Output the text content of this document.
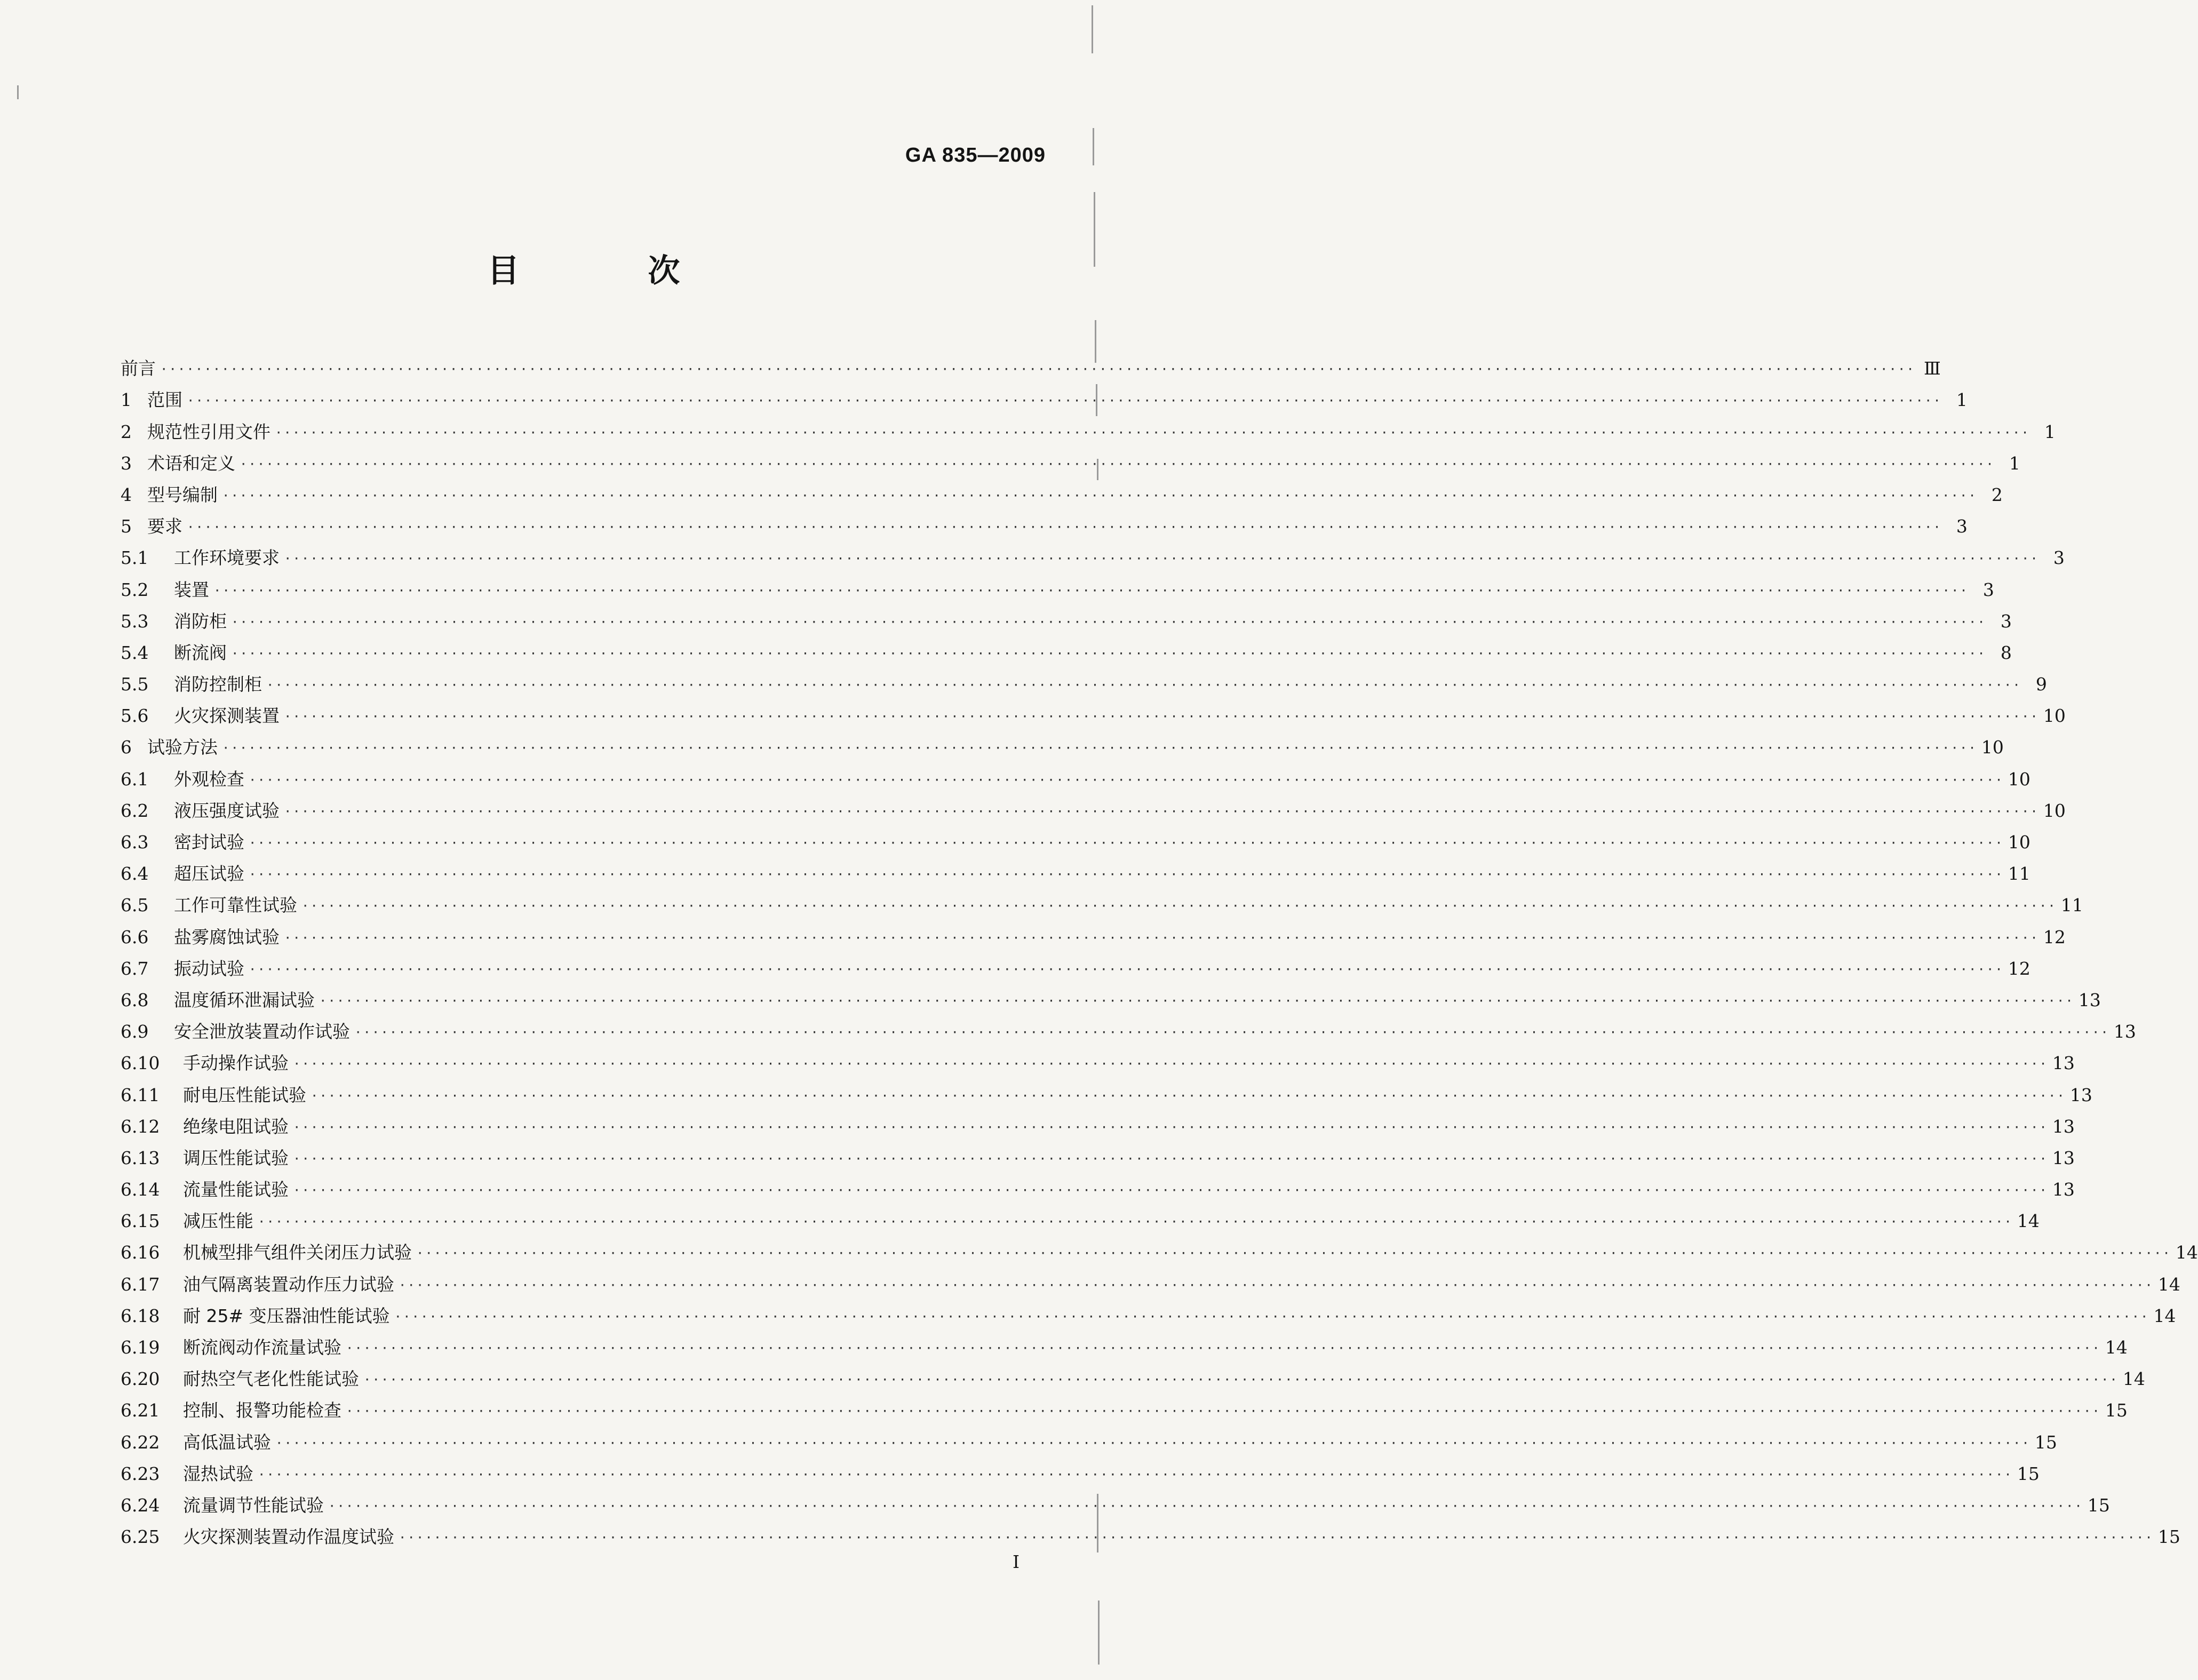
GA 835—2009
目 次
前言 ········································································································································································································ Ⅲ
1 范围 ········································································································································································································ 1
2 规范性引用文件 ········································································································································································································ 1
3 术语和定义 ········································································································································································································ 1
4 型号编制 ········································································································································································································ 2
5 要求 ········································································································································································································ 3
5.1	工作环境要求 ········································································································································································································ 3
5.2	装置 ········································································································································································································ 3
5.3	消防柜 ········································································································································································································ 3
5.4	断流阀 ········································································································································································································ 8
5.5	消防控制柜 ········································································································································································································ 9
5.6	火灾探测装置 ········································································································································································································ 10
6 试验方法 ········································································································································································································ 10
6.1	外观检查 ········································································································································································································ 10
6.2	液压强度试验 ········································································································································································································ 10
6.3	密封试验 ········································································································································································································ 10
6.4	超压试验 ········································································································································································································ 11
6.5	工作可靠性试验 ········································································································································································································ 11
6.6	盐雾腐蚀试验 ········································································································································································································ 12
6.7	振动试验 ········································································································································································································ 12
6.8	温度循环泄漏试验 ········································································································································································································ 13
6.9	安全泄放装置动作试验 ········································································································································································································ 13
6.10	手动操作试验 ········································································································································································································ 13
6.11	耐电压性能试验 ········································································································································································································ 13
6.12	绝缘电阻试验 ········································································································································································································ 13
6.13	调压性能试验 ········································································································································································································ 13
6.14	流量性能试验 ········································································································································································································ 13
6.15	减压性能 ········································································································································································································ 14
6.16	机械型排气组件关闭压力试验 ········································································································································································································ 14
6.17	油气隔离装置动作压力试验 ········································································································································································································ 14
6.18	耐 25# 变压器油性能试验 ········································································································································································································ 14
6.19	断流阀动作流量试验 ········································································································································································································ 14
6.20	耐热空气老化性能试验 ········································································································································································································ 14
6.21	控制、报警功能检查 ········································································································································································································ 15
6.22	高低温试验 ········································································································································································································ 15
6.23	湿热试验 ········································································································································································································ 15
6.24	流量调节性能试验 ········································································································································································································ 15
6.25	火灾探测装置动作温度试验 ········································································································································································································ 15
I
